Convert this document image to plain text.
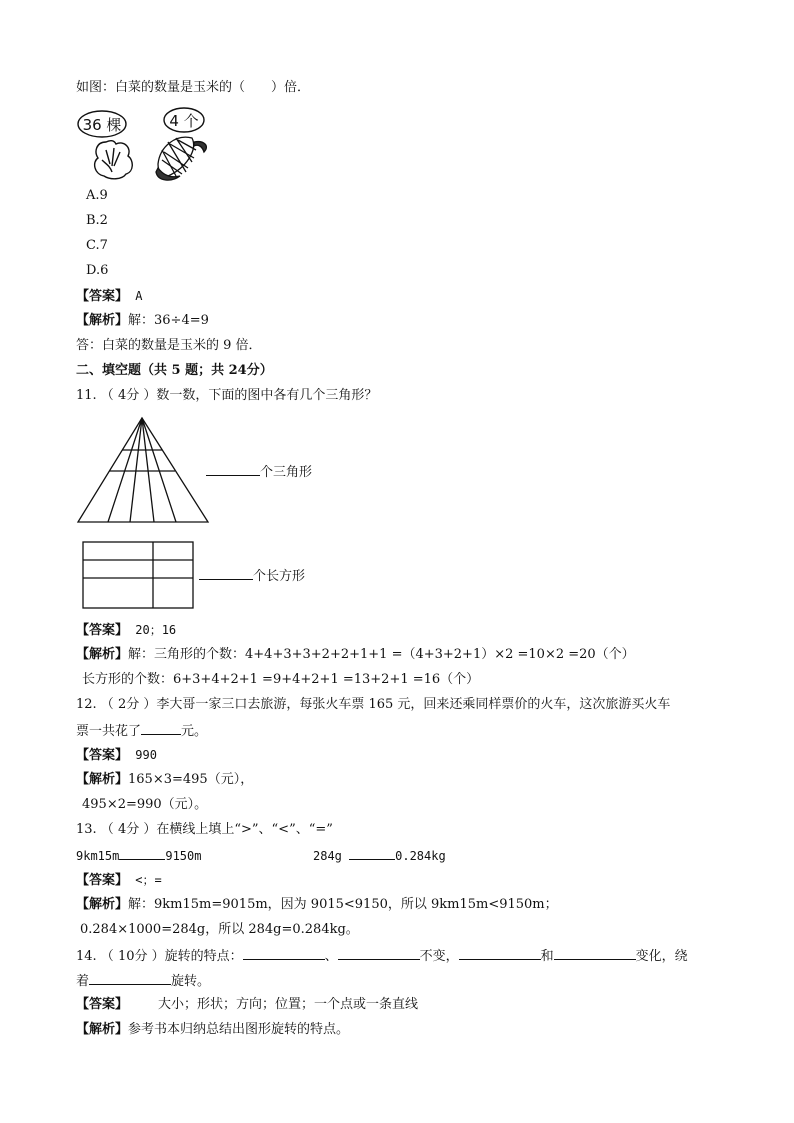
如图：白菜的数量是玉米的（　　）倍．
36 棵	4 个
A.9
B.2
C.7
D.6
【答案】 A
【解析】解：36÷4=9
答：白菜的数量是玉米的 9 倍．
二、填空题（共 5 题；共 24分）
11. （ 4分 ）数一数，下面的图中各有几个三角形？
个三角形
个长方形
【答案】 20；16
【解析】解：三角形的个数：4+4+3+3+2+2+1+1 =（4+3+2+1）×2 =10×2 =20（个）
长方形的个数：6+3+4+2+1 =9+4+2+1 =13+2+1 =16（个）
12. （ 2分 ）李大哥一家三口去旅游，每张火车票 165 元，回来还乘同样票价的火车，这次旅游买火车
票一共花了	元。
【答案】 990
【解析】165×3=495（元），
495×2=990（元）。
13. （ 4分 ）在横线上填上“>”、“<”、“=”
9km15m	9150m	284g	0.284kg
【答案】 <；=
【解析】解：9km15m=9015m，因为 9015<9150，所以 9km15m<9150m；
0.284×1000=284g，所以 284g=0.284kg。
14. （ 10分 ）旋转的特点：	、	不变，	和	变化，绕
着	旋转。
【答案】 大小；形状；方向；位置；一个点或一条直线
【解析】参考书本归纳总结出图形旋转的特点。
